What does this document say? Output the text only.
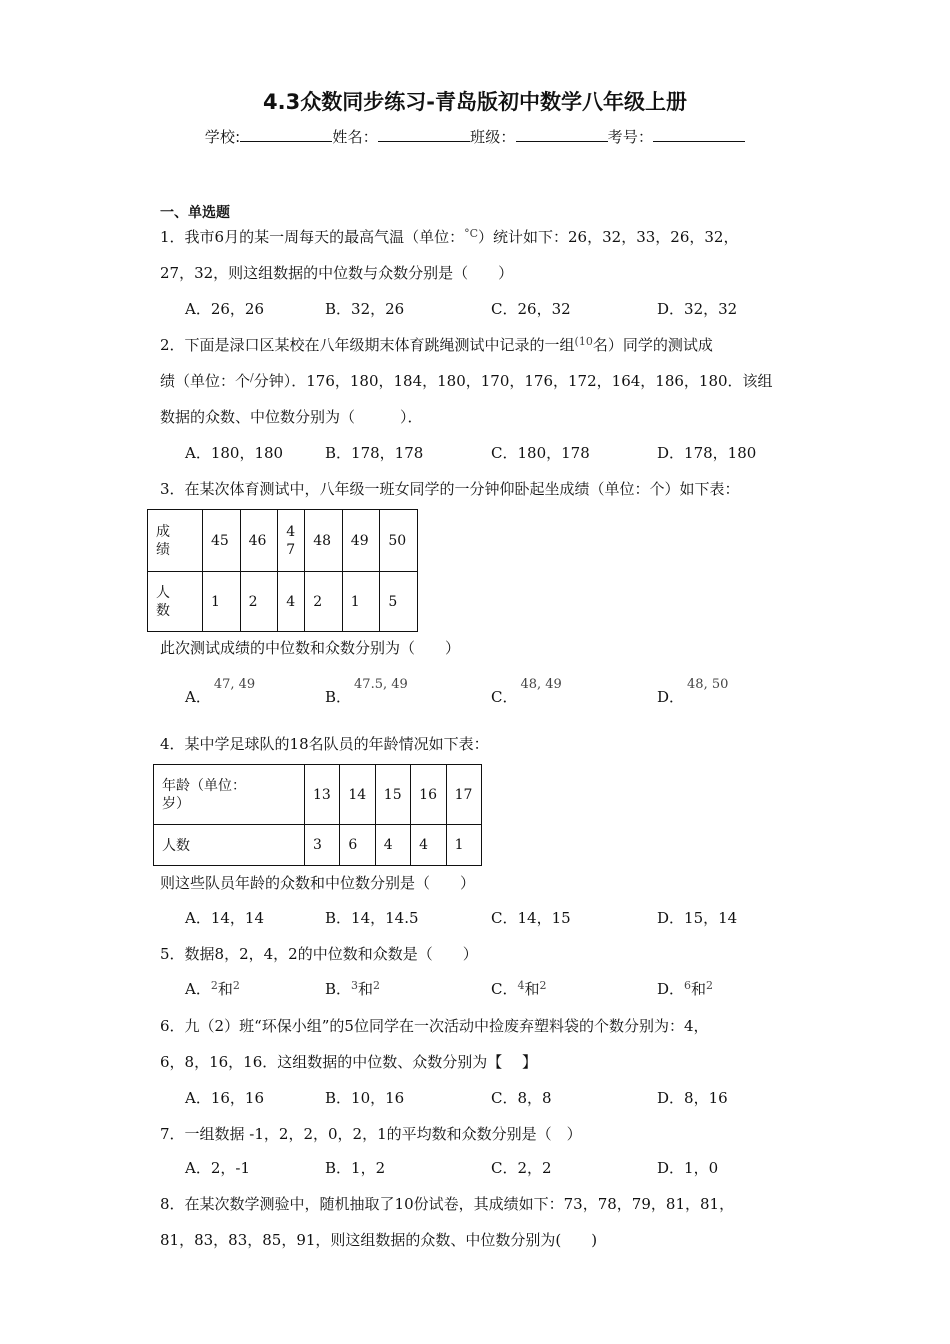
4.3众数同步练习-青岛版初中数学八年级上册
学校:	姓名：	班级：	考号：
一、单选题
1．我市6月的某一周每天的最高气温（单位：$^{^\circ C}$）统计如下：26，32，33，26，32，
27，32，则这组数据的中位数与众数分别是（　　）
A．26，26	B．32，26	C．26，32	D．32，32
2．下面是渌口区某校在八年级期末体育跳绳测试中记录的一组$^{(10}$名）同学的测试成
绩（单位：个/分钟）．176，180，184，180，170，176，172，164，186，180．该组
数据的众数、中位数分别为（　　　）．
A．180，180	B．178，178	C．180，178	D．178，180
3．在某次体育测试中，八年级一班女同学的一分钟仰卧起坐成绩（单位：个）如下表：
成
绩	45	46	4 7	48	49	50
人
数	1	2	4	2	1	5
此次测试成绩的中位数和众数分别为（　　）
A．47, 49
B．47.5, 49
C．48, 49
D．48, 50
4．某中学足球队的18名队员的年龄情况如下表：
年龄（单位：
岁）	13	14	15	16	17
人数	3	6	4	4	1
则这些队员年龄的众数和中位数分别是（　　）
A．14，14	B．14，14.5	C．14，15	D．15，14
5．数据8，2，4，2的中位数和众数是（　　）
A．$^2$和$^2$	B．$^3$和$^2$	C．$^4$和$^2$	D．$^6$和$^2$
6．九（2）班“环保小组”的5位同学在一次活动中捡废弃塑料袋的个数分别为：4，
6，8，16，16．这组数据的中位数、众数分别为【　 】
A．16，16	B．10，16	C．8，8	D．8，16
7．一组数据 -1，2，2，0，2，1的平均数和众数分别是（　）
A．2，-1	B．1，2	C．2，2	D．1，0
8．在某次数学测验中，随机抽取了10份试卷，其成绩如下：73，78，79，81，81，
81，83，83，85，91，则这组数据的众数、中位数分别为(　　)
